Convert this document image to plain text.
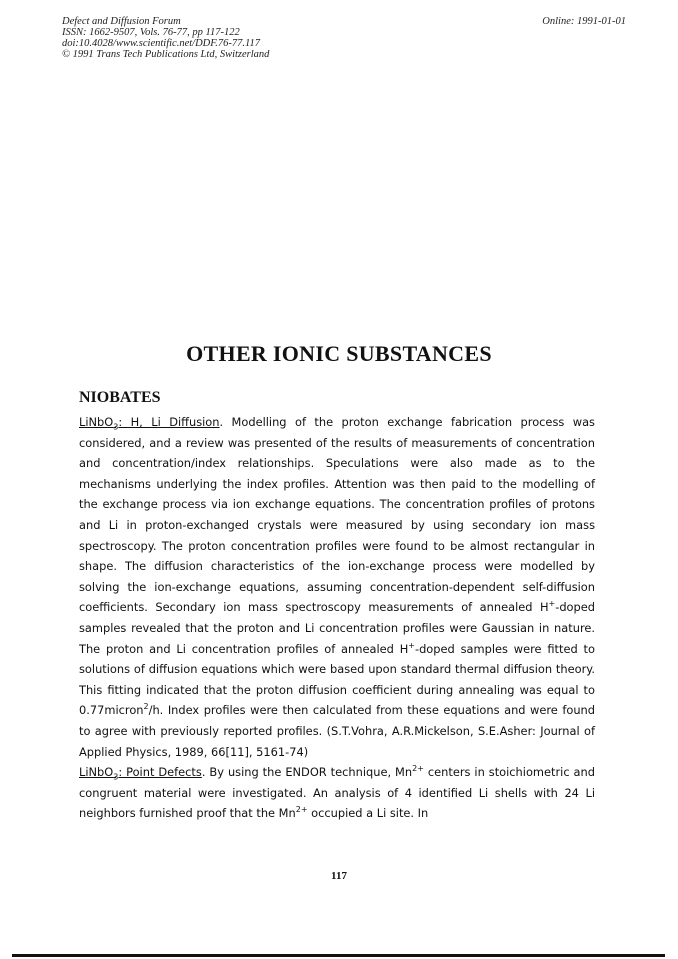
Defect and Diffusion Forum
ISSN: 1662-9507, Vols. 76-77, pp 117-122
doi:10.4028/www.scientific.net/DDF.76-77.117
© 1991 Trans Tech Publications Ltd, Switzerland
Online: 1991-01-01
OTHER IONIC SUBSTANCES
NIOBATES

LiNbO$_3$: H, Li Diffusion. Modelling of the proton exchange fabrication process was considered, and a review was presented of the results of measurements of concentration and concentration/index relationships. Speculations were also made as to the mechanisms underlying the index profiles. Attention was then paid to the modelling of the exchange process via ion exchange equations. The concentration profiles of protons and Li in proton-exchanged crystals were measured by using secondary ion mass spectroscopy. The proton concentration profiles were found to be almost rectangular in shape. The diffusion characteristics of the ion-exchange process were modelled by solving the ion-exchange equations, assuming concentration-dependent self-diffusion coefficients. Secondary ion mass spectroscopy measurements of annealed H+-doped samples revealed that the proton and Li concentration profiles were Gaussian in nature. The proton and Li concentration profiles of annealed H+-doped samples were fitted to solutions of diffusion equations which were based upon standard thermal diffusion theory. This fitting indicated that the proton diffusion coefficient during annealing was equal to 0.77micron$^2$/h. Index profiles were then calculated from these equations and were found to agree with previously reported profiles. (S.T.Vohra, A.R.Mickelson, S.E.Asher: Journal of Applied Physics, 1989, 66[11], 5161-74)

LiNbO$_3$: Point Defects. By using the ENDOR technique, $Mn^{2+}$ centers in stoichiometric and congruent material were investigated. An analysis of 4 identified Li shells with 24 Li neighbors furnished proof that the $Mn^{2+}$ occupied a Li site. In

117
